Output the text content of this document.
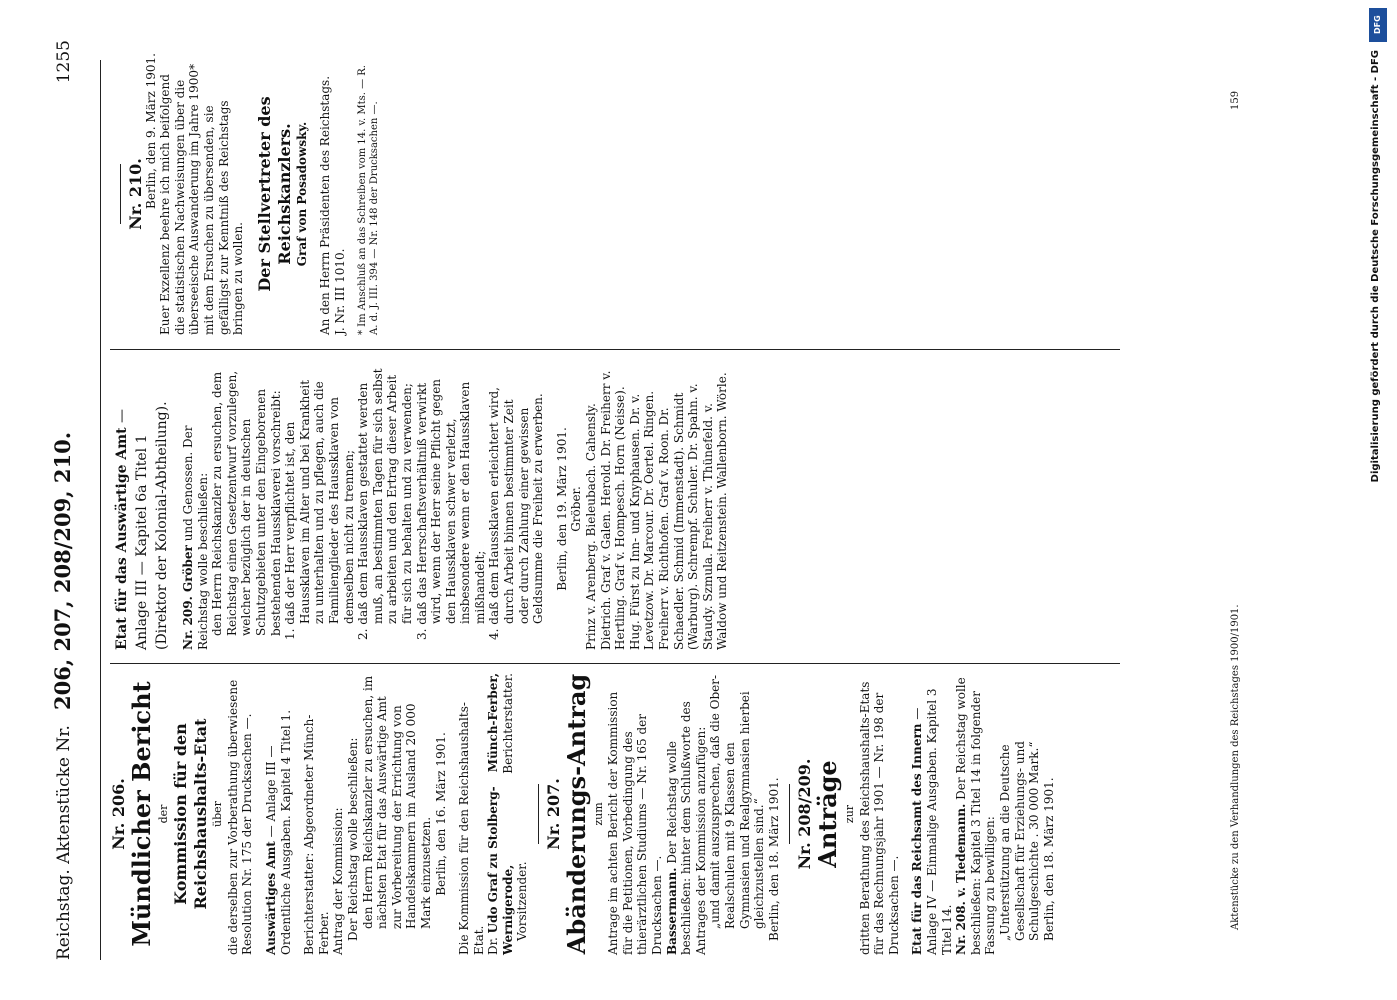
Reichstag. Aktenstücke Nr.
206, 207, 208/209, 210.
1255

Nr. 206.

Mündlicher Bericht der Kommission für den Reichshaushalts-Etat über die derselben zur Vorberathung überwiesene Resolution Nr. 175 der Drucksachen —. Auswärtiges Amt — Anlage III — Ordentliche Ausgaben. Kapitel 4 Titel 1. Berichterstatter: Abgeordneter Münch-Ferber. Antrag der Kommission: Der Reichstag wolle beschließen: den Herrn Reichskanzler zu ersuchen, im nächsten Etat für das Auswärtige Amt zur Vorbereitung der Errichtung von Handelskammern im Ausland 20 000 Mark einzusetzen. Berlin, den 16. März 1901. Die Kommission für den Reichshaushalts-Etat. Dr. Udo Graf zu Stolberg-Wernigerode,
Vorsitzender.
Münch-Ferber,
Berichterstatter.

Nr. 207.

Abänderungs-Antrag zum Antrage im achten Bericht der Kommission für die Petitionen, Vorbedingung des thierärztlichen Studiums — Nr. 165 der Drucksachen —. Bassermann. Der Reichstag wolle beschließen: hinter dem Schlußworte des Antrages der Kommission anzufügen: „und damit auszusprechen, daß die Ober-Realschulen mit 9 Klassen den Gymnasien und Realgymnasien hierbei gleichzustellen sind.“ Berlin, den 18. März 1901. Nr. 208/209.

Anträge zur dritten Berathung des Reichshaushalts-Etats für das Rechnungsjahr 1901 — Nr. 198 der Drucksachen —. Etat für das Reichsamt des Innern — Anlage IV — Einmalige Ausgaben. Kapitel 3 Titel 14. Nr. 208. v. Tiedemann. Der Reichstag wolle beschließen: Kapitel 3 Titel 14 in folgender Fassung zu bewilligen: „Unterstützung an die Deutsche Gesellschaft für Erziehungs- und Schulgeschichte . 30 000 Mark.“ Berlin, den 18. März 1901.

Etat für das Auswärtige Amt — Anlage III — Kapitel 6a Titel 1 (Direktor der Kolonial-Abtheilung). Nr. 209. Gröber und Genossen. Der Reichstag wolle beschließen: den Herrn Reichskanzler zu ersuchen, dem Reichstag einen Gesetzentwurf vorzulegen, welcher bezüglich der in deutschen Schutzgebieten unter den Eingeborenen bestehenden Haussklaverei vorschreibt: 1. daß der Herr verpflichtet ist, den Haussklaven im Alter und bei Krankheit zu unterhalten und zu pflegen, auch die Familienglieder des Haussklaven von demselben nicht zu trennen; 2. daß dem Haussklaven gestattet werden muß, an bestimmten Tagen für sich selbst zu arbeiten und den Ertrag dieser Arbeit für sich zu behalten und zu verwenden; 3. daß das Herrschaftsverhältniß verwirkt wird, wenn der Herr seine Pflicht gegen den Haussklaven schwer verletzt, insbesondere wenn er den Haussklaven mißhandelt; 4. daß dem Haussklaven erleichtert wird, durch Arbeit binnen bestimmter Zeit oder durch Zahlung einer gewissen Geldsumme die Freiheit zu erwerben. Berlin, den 19. März 1901. Gröber. Prinz v. Arenberg. Bieleubach. Cahensly. Dietrich. Graf v. Galen. Herold. Dr. Freiherr v. Hertling. Graf v. Hompesch. Horn (Neisse). Hug. Fürst zu Inn- und Knyphausen. Dr. v. Levetzow. Dr. Marcour. Dr. Oertel. Ringen. Freiherr v. Richthofen. Graf v. Roon. Dr. Schaedler. Schmid (Immenstadt). Schmidt (Warburg). Schrempf. Schuler. Dr. Spahn. v. Staudy. Szmula. Freiherr v. Thünefeld. v. Waldow und Reitzenstein. Wallenborn. Wörle.

Nr. 210.

Berlin, den 9. März 1901. Euer Exzellenz beehre ich mich beifolgend die statistischen Nachweisungen über die überseeische Auswanderung im Jahre 1900* mit dem Ersuchen zu übersenden, sie gefälligst zur Kenntniß des Reichstags bringen zu wollen. Der Stellvertreter des Reichskanzlers. Graf von Posadowsky. An den Herrn Präsidenten des Reichstags. J. Nr. III 1010. * Im Anschluß an das Schreiben vom 14. v. Mts. — R. A. d. J. III. 394 — Nr. 148 der Drucksachen —.

Aktenstücke zu den Verhandlungen des Reichstages 1900/1901.
159
DFG
Digitalisierung gefördert durch die Deutsche Forschungsgemeinschaft - DFG
